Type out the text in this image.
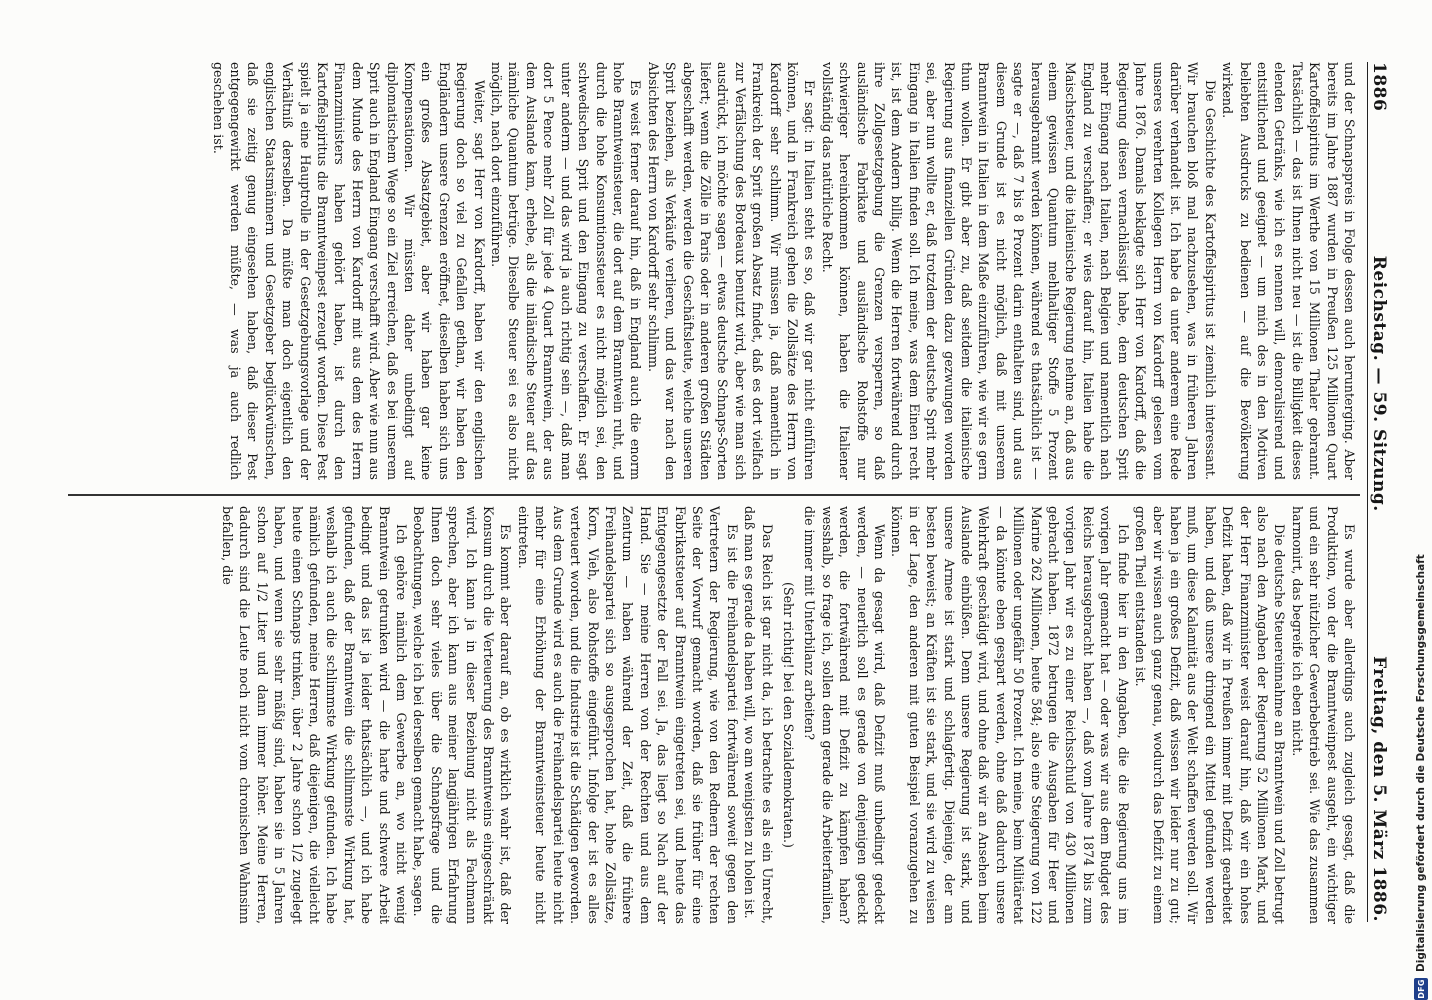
1886
Reichstag. — 59. Sitzung.
Freitag, den 5. März 1886.

und der Schnapspreis in Folge dessen auch herunterging. Aber bereits im Jahre 1887 wurden in Preußen 125 Millionen Quart Kartoffelspiritus im Werthe von 15 Millionen Thaler gebrannt. Tatsächlich — das ist Ihnen nicht neu — ist die Billigkeit dieses elenden Getränks, wie ich es nennen will, demoralisirend und entsittlichend und geeignet — um mich des in den Motiven beliebten Ausdrucks zu bedienen — auf die Bevölkerung wirkend.

Die Geschichte des Kartoffelspiritus ist ziemlich interessant. Wir brauchen bloß mal nachzusehen, was in früheren Jahren darüber verhandelt ist. Ich habe da unter anderem eine Rede unseres verehrten Kollegen Herrn von Kardorff gelesen vom Jahre 1876. Damals beklagte sich Herr von Kardorff, daß die Regierung diesen vernachlässigt habe, dem deutschen Sprit mehr Eingang nach Italien, nach Belgien und namentlich nach England zu verschaffen; er wies darauf hin, Italien habe die Maischsteuer, und die italienische Regierung nehme an, daß aus einem gewissen Quantum mehlhaltiger Stoffe 5 Prozent herausgebrannt werden können, während es thatsächlich ist — sagte er —, daß 7 bis 8 Prozent darin enthalten sind, und aus diesem Grunde ist es nicht möglich, daß mit unserem Branntwein in Italien in dem Maße einzuführen, wie wir es gern thun wollen. Er gibt aber zu, daß seitdem die italienische Regierung aus finanziellen Gründen dazu gezwungen worden sei, aber nun wollte er, daß trotzdem der deutsche Sprit mehr Eingang in Italien finden soll. Ich meine, was dem Einen recht ist, ist dem Andern billig. Wenn die Herren fortwährend durch ihre Zollgesetzgebung die Grenzen versperren, so daß ausländische Fabrikate und ausländische Rohstoffe nur schwieriger hereinkommen können, haben die Italiener vollständig das natürliche Recht.

Er sagt: in Italien steht es so, daß wir gar nicht einführen können, und in Frankreich gehen die Zollsätze des Herrn von Kardorff sehr schlimm. Wir müssen ja, daß namentlich in Frankreich der Sprit großen Absatz findet, daß es dort vielfach zur Verfälschung des Bordeaux benutzt wird, aber wie man sich ausdrückt, ich möchte sagen — etwas deutsche Schnaps-Sorten liefert; wenn die Zölle in Paris oder in anderen großen Städten abgeschafft werden, werden die Geschäftsleute, welche unseren Sprit beziehen, als Verkäufe verlieren, und das war nach den Absichten des Herrn von Kardorff sehr schlimm.

Es weist ferner darauf hin, daß in England auch die enorm hohe Branntweinsteuer, die dort auf dem Branntwein ruht, und durch die hohe Konsumtionssteuer es nicht möglich sei, den schwedischen Sprit und den Eingang zu verschaffen. Er sagt unter anderm — und das wird ja auch richtig sein —, daß man dort 5 Pence mehr Zoll für jede 4 Quart Branntwein, der aus dem Auslande kam, erhebe, als die inländische Steuer auf das nämliche Quantum betrüge. Dieselbe Steuer sei es also nicht möglich, nach dort einzuführen.

Weiter, sagt Herr von Kardorff, haben wir den englischen Regierung doch so viel zu Gefallen gethan, wir haben den Engländern unsere Grenzen eröffnet, dieselben haben sich uns ein großes Absatzgebiet, aber wir haben gar keine Kompensationen. Wir müssten daher unbedingt auf diplomatischem Wege so ein Ziel erreichen, daß es bei unserem Sprit auch in England Eingang verschafft wird. Aber wie nun aus dem Munde des Herrn von Kardorff mit aus dem des Herrn Finanzministers haben gehört haben, ist durch den Kartoffelspiritus die Branntweinpest erzeugt worden. Diese Pest spielt ja eine Hauptrolle in der Gesetzgebungsvorlage und der Verhältniß derselben. Da müßte man doch eigentlich den englischen Staatsmännern und Gesetzgeber beglückwünschen, daß sie zeitig genug eingesehen haben, daß dieser Pest entgegengewirkt werden müßte, — was ja auch redlich geschehen ist.

Es wurde aber allerdings auch zugleich gesagt, daß die Produktion, von der die Branntweinpest ausgeht, ein wichtiger und ein sehr nützlicher Gewerbebetrieb sei. Wie das zusammen harmonirt, das begreife ich eben nicht.

Die deutsche Steuereinnahme an Branntwein und Zoll betrugt also nach den Angaben der Regierung 52 Millionen Mark, und der Herr Finanzminister weist darauf hin, daß wir ein hohes Defizit haben, daß wir in Preußen immer mit Defizit gearbeitet haben, und daß unsere dringend ein Mittel gefunden werden muß, um diese Kalamität aus der Welt schaffen werden soll. Wir haben ja ein großes Defizit, daß wissen wir leider nur zu gut; aber wir wissen auch ganz genau, wodurch das Defizit zu einem großen Theil entstanden ist.

Ich finde hier in den Angaben, die die Regierung uns im vorigen Jahr gemacht hat — oder was wir aus dem Budget des Reichs herausgebracht haben —, daß vom Jahre 1874 bis zum vorigen Jahr wir es zu einer Reichsschuld von 430 Millionen gebracht haben. 1872 betrugen die Ausgaben für Heer und Marine 262 Millionen, heute 584; also eine Steigerung von 122 Millionen oder ungefähr 50 Prozent. Ich meine, beim Militäretat — da könnte eben gespart werden, ohne daß dadurch unsere Wehrkraft geschädigt wird, und ohne daß wir an Ansehen beim Auslande einbüßen. Denn unsere Regierung ist stark, und unsere Armee ist stark und schlagfertig. Diejenige, der am besten beweist; an Kräften ist sie stark, und sie wird zu weisen in der Lage, den anderen mit guten Beispiel voranzugehen zu können.

Wenn da gesagt wird, daß Defizit muß unbedingt gedeckt werden, — neuerlich soll es gerade von denjenigen gedeckt werden, die fortwährend mit Defizit zu kämpfen haben? wesshalb, so frage ich, sollen denn gerade die Arbeiterfamilien, die immer mit Unterbilanz arbeiten?

(Sehr richtig! bei den Sozialdemokraten.)

Das Reich ist gar nicht da, ich betrachte es als ein Unrecht, daß man es gerade da haben will, wo am wenigsten zu holen ist.

Es ist die Freihandelspartei fortwährend soweit gegen den Vertretern der Regierung, wie von den Rednern der rechten Seite der Vorwurf gemacht worden, daß sie früher für eine Fabrikatsteuer auf Branntwein eingetreten sei, und heute das Entgegengesetzte der Fall sei. Ja, das liegt so Nach auf der Hand. Sie — meine Herren von der Rechten und aus dem Zentrum — haben während der Zeit, daß die frühere Freihandelspartei sich so ausgesprochen hat, hohe Zollsätze, Korn, Vieh, also Rohstoffe eingeführt. Infolge der ist es alles verteuert worden, und die Industrie ist die Schädigen geworden. Aus dem Grunde wird es auch die Freihandelspartei heute nicht mehr für eine Erhöhung der Branntweinsteuer heute nicht eintreten.

Es kommt aber darauf an, ob es wirklich wahr ist, daß der Konsum durch die Verteuerung des Branntweins eingeschränkt wird. Ich kann ja in dieser Beziehung nicht als Fachmann sprechen, aber ich kann aus meiner langjährigen Erfahrung Ihnen doch sehr vieles über die Schnapsfrage und die Beobachtungen, welche ich bei derselben gemacht habe, sagen.

Ich gehöre nämlich dem Gewerbe an, wo nicht wenig Branntwein getrunken wird — die harte und schwere Arbeit bedingt und das ist ja leider thatsächlich —, und ich habe gefunden, daß der Branntwein die schlimmste Wirkung hat, weshalb ich auch die schlimmste Wirkung gefunden. Ich habe nämlich gefunden, meine Herren, daß diejenigen, die vielleicht heute einen Schnaps trinken, über 2 Jahre schon 1/2 zugelegt haben, und wenn sie sehr mäßig sind, haben sie in 5 Jahren schon auf 1/2 Liter und dann immer höher. Meine Herren, dadurch sind die Leute noch nicht vom chronischen Wahnsinn befallen, die

DFG
Digitalisierung gefördert durch die Deutsche Forschungsgemeinschaft
